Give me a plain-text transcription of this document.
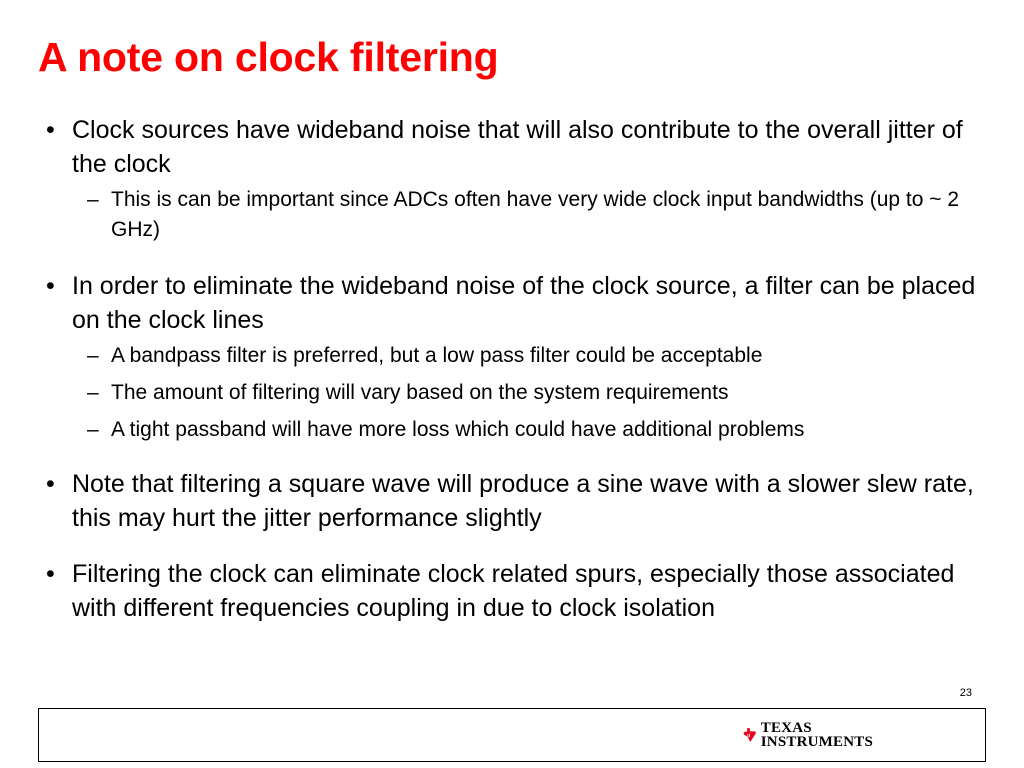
A note on clock filtering
• Clock sources have wideband noise that will also contribute to the overall jitter of the clock
– This is can be important since ADCs often have very wide clock input bandwidths (up to ~ 2 GHz)
• In order to eliminate the wideband noise of the clock source, a filter can be placed on the clock lines
– A bandpass filter is preferred, but a low pass filter could be acceptable
– The amount of filtering will vary based on the system requirements
– A tight passband will have more loss which could have additional problems
• Note that filtering a square wave will produce a sine wave with a slower slew rate, this may hurt the jitter performance slightly
• Filtering the clock can eliminate clock related spurs, especially those associated with different frequencies coupling in due to clock isolation
23
ti
TEXAS
INSTRUMENTS
